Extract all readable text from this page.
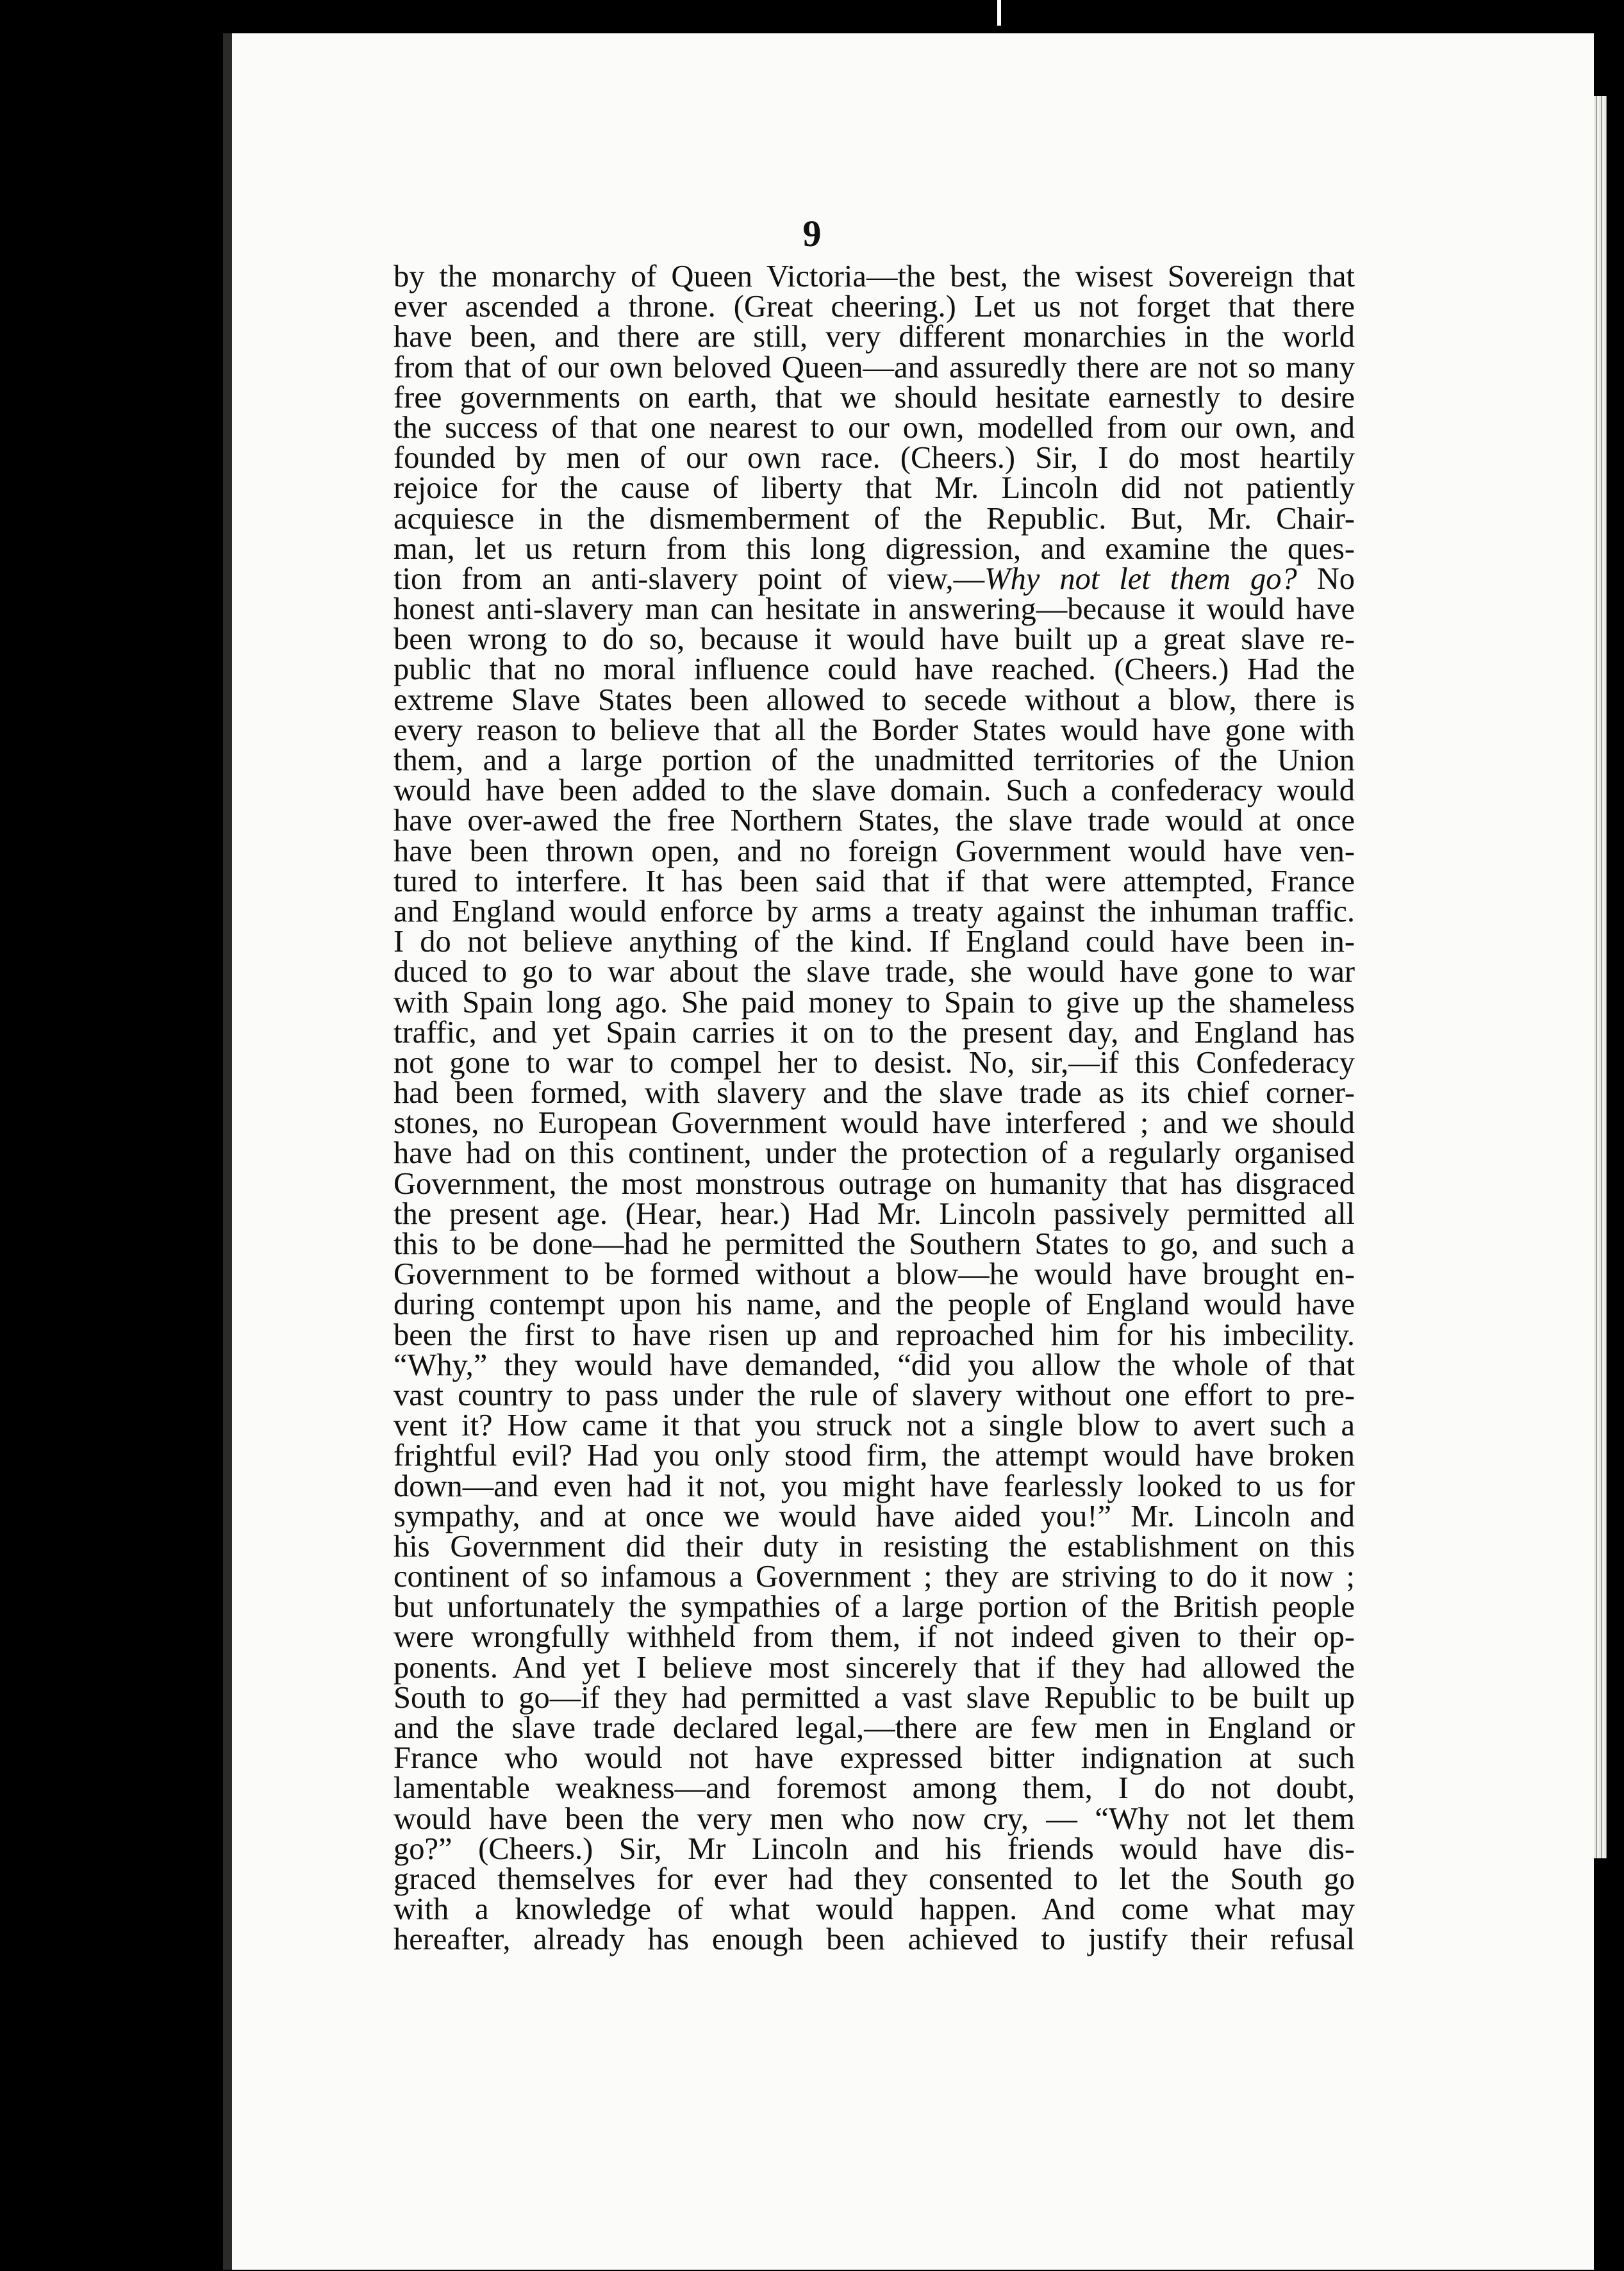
9
by the monarchy of Queen Victoria—the best, the wisest Sovereign that
ever ascended a throne. (Great cheering.) Let us not forget that there
have been, and there are still, very different monarchies in the world
from that of our own beloved Queen—and assuredly there are not so many
free governments on earth, that we should hesitate earnestly to desire
the success of that one nearest to our own, modelled from our own, and
founded by men of our own race. (Cheers.) Sir, I do most heartily
rejoice for the cause of liberty that Mr. Lincoln did not patiently
acquiesce in the dismemberment of the Republic. But, Mr. Chair-
man, let us return from this long digression, and examine the ques-
tion from an anti-slavery point of view,—Why not let them go? No
honest anti-slavery man can hesitate in answering—because it would have
been wrong to do so, because it would have built up a great slave re-
public that no moral influence could have reached. (Cheers.) Had the
extreme Slave States been allowed to secede without a blow, there is
every reason to believe that all the Border States would have gone with
them, and a large portion of the unadmitted territories of the Union
would have been added to the slave domain. Such a confederacy would
have over-awed the free Northern States, the slave trade would at once
have been thrown open, and no foreign Government would have ven-
tured to interfere. It has been said that if that were attempted, France
and England would enforce by arms a treaty against the inhuman traffic.
I do not believe anything of the kind. If England could have been in-
duced to go to war about the slave trade, she would have gone to war
with Spain long ago. She paid money to Spain to give up the shameless
traffic, and yet Spain carries it on to the present day, and England has
not gone to war to compel her to desist. No, sir,—if this Confederacy
had been formed, with slavery and the slave trade as its chief corner-
stones, no European Government would have interfered ; and we should
have had on this continent, under the protection of a regularly organised
Government, the most monstrous outrage on humanity that has disgraced
the present age. (Hear, hear.) Had Mr. Lincoln passively permitted all
this to be done—had he permitted the Southern States to go, and such a
Government to be formed without a blow—he would have brought en-
during contempt upon his name, and the people of England would have
been the first to have risen up and reproached him for his imbecility.
“Why,” they would have demanded, “did you allow the whole of that
vast country to pass under the rule of slavery without one effort to pre-
vent it? How came it that you struck not a single blow to avert such a
frightful evil? Had you only stood firm, the attempt would have broken
down—and even had it not, you might have fearlessly looked to us for
sympathy, and at once we would have aided you!” Mr. Lincoln and
his Government did their duty in resisting the establishment on this
continent of so infamous a Government ; they are striving to do it now ;
but unfortunately the sympathies of a large portion of the British people
were wrongfully withheld from them, if not indeed given to their op-
ponents. And yet I believe most sincerely that if they had allowed the
South to go—if they had permitted a vast slave Republic to be built up
and the slave trade declared legal,—there are few men in England or
France who would not have expressed bitter indignation at such
lamentable weakness—and foremost among them, I do not doubt,
would have been the very men who now cry, — “Why not let them
go?” (Cheers.) Sir, Mr Lincoln and his friends would have dis-
graced themselves for ever had they consented to let the South go
with a knowledge of what would happen. And come what may
hereafter, already has enough been achieved to justify their refusal
